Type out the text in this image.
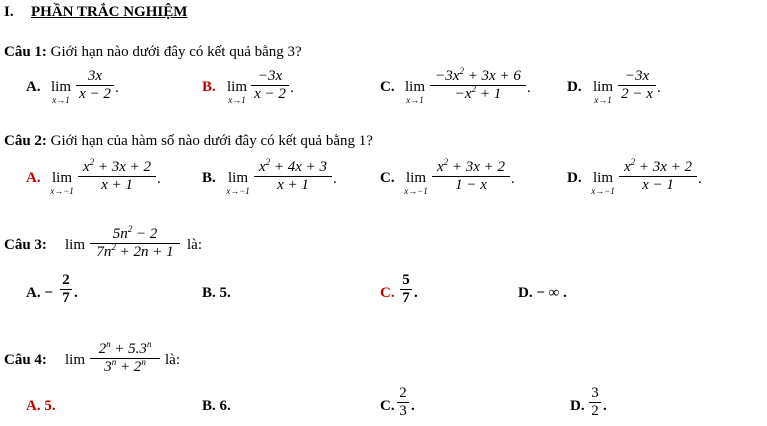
I. PHẦN TRẮC NGHIỆM
Câu 1: Giới hạn nào dưới đây có kết quả bằng 3?
A. lim
x→1
3x
x − 2 .	B. lim
x→1
−3x
x − 2 .	C. lim
x→1
$-3x^2 + 3x + 6$
$-x^2 + 1$	. D. lim
x→1
−3x
2 − x .
Câu 2: Giới hạn của hàm số nào dưới đây có kết quả bằng 1?
A. lim
x→−1
$x^2 + 3x + 2$
x + 1	.	B. lim
x→−1
$x^2 + 4x + 3$
x + 1	.	C. lim
x→−1
$x^2 + 3x + 2$
1 − x	.	D. lim
x→−1
$x^2 + 3x + 2$
x − 1	.
Câu 3: lim
$5n^2 - 2$
$7n^2 + 2n + 1$ là:
A. −
2
7 .	B. 5.	C.
5
7 .	D. − ∞ .
Câu 4: lim
$2^n + 5.3^n$
$3^n + 2^n$	là:
A. 5.	B. 6.	C.
2
3 .	D.
3
2 .
